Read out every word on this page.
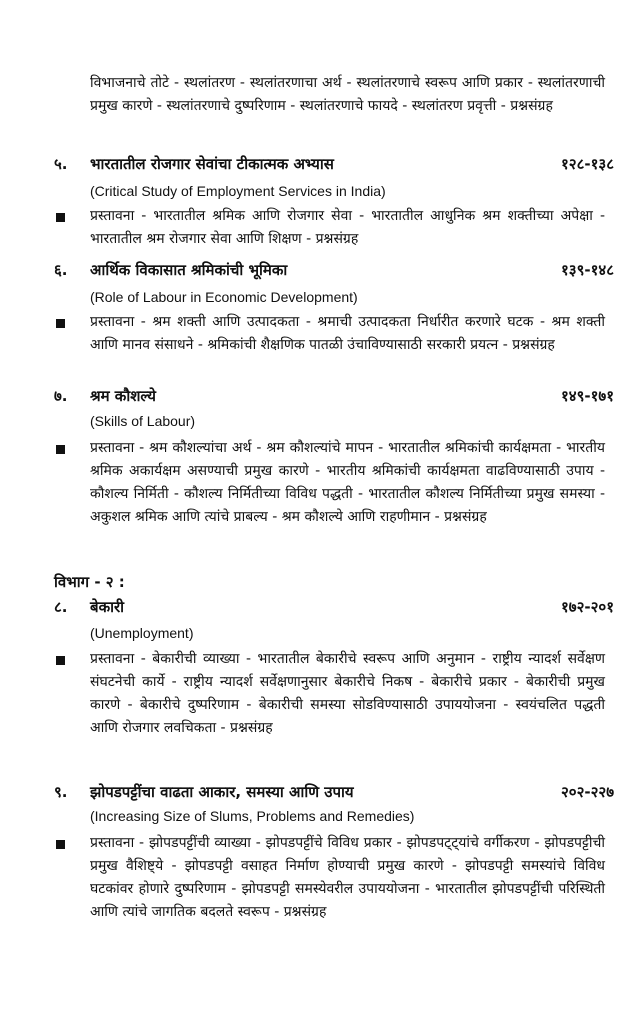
विभाजनाचे तोटे - स्थलांतरण - स्थलांतरणाचा अर्थ - स्थलांतरणाचे स्वरूप आणि प्रकार - स्थलांतरणाची प्रमुख कारणे - स्थलांतरणाचे दुष्परिणाम - स्थलांतरणाचे फायदे - स्थलांतरण प्रवृत्ती - प्रश्नसंग्रह
५. भारतातील रोजगार सेवांचा टीकात्मक अभ्यास	१२८-१३८
(Critical Study of Employment Services in India)
प्रस्तावना - भारतातील श्रमिक आणि रोजगार सेवा - भारतातील आधुनिक श्रम शक्तीच्या अपेक्षा - भारतातील श्रम रोजगार सेवा आणि शिक्षण - प्रश्नसंग्रह
६. आर्थिक विकासात श्रमिकांची भूमिका	१३९-१४८
(Role of Labour in Economic Development)
प्रस्तावना - श्रम शक्ती आणि उत्पादकता - श्रमाची उत्पादकता निर्धारीत करणारे घटक - श्रम शक्ती आणि मानव संसाधने - श्रमिकांची शैक्षणिक पातळी उंचाविण्यासाठी सरकारी प्रयत्न - प्रश्नसंग्रह
७. श्रम कौशल्ये	१४९-१७१
(Skills of Labour)
प्रस्तावना - श्रम कौशल्यांचा अर्थ - श्रम कौशल्यांचे मापन - भारतातील श्रमिकांची कार्यक्षमता - भारतीय श्रमिक अकार्यक्षम असण्याची प्रमुख कारणे - भारतीय श्रमिकांची कार्यक्षमता वाढविण्यासाठी उपाय - कौशल्य निर्मिती - कौशल्य निर्मितीच्या विविध पद्धती - भारतातील कौशल्य निर्मितीच्या प्रमुख समस्या - अकुशल श्रमिक आणि त्यांचे प्राबल्य - श्रम कौशल्ये आणि राहणीमान - प्रश्नसंग्रह
विभाग - २ :
८. बेकारी	१७२-२०१
(Unemployment)
प्रस्तावना - बेकारीची व्याख्या - भारतातील बेकारीचे स्वरूप आणि अनुमान - राष्ट्रीय न्यादर्श सर्वेक्षण संघटनेची कार्ये - राष्ट्रीय न्यादर्श सर्वेक्षणानुसार बेकारीचे निकष - बेकारीचे प्रकार - बेकारीची प्रमुख कारणे - बेकारीचे दुष्परिणाम - बेकारीची समस्या सोडविण्यासाठी उपाययोजना - स्वयंचलित पद्धती आणि रोजगार लवचिकता - प्रश्नसंग्रह
९. झोपडपट्टींचा वाढता आकार, समस्या आणि उपाय	२०२-२२७
(Increasing Size of Slums, Problems and Remedies)
प्रस्तावना - झोपडपट्टींची व्याख्या - झोपडपट्टींचे विविध प्रकार - झोपडपट्ट्यांचे वर्गीकरण - झोपडपट्टीची प्रमुख वैशिष्ट्ये - झोपडपट्टी वसाहत निर्माण होण्याची प्रमुख कारणे - झोपडपट्टी समस्यांचे विविध घटकांवर होणारे दुष्परिणाम - झोपडपट्टी समस्येवरील उपाययोजना - भारतातील झोपडपट्टींची परिस्थिती आणि त्यांचे जागतिक बदलते स्वरूप - प्रश्नसंग्रह
